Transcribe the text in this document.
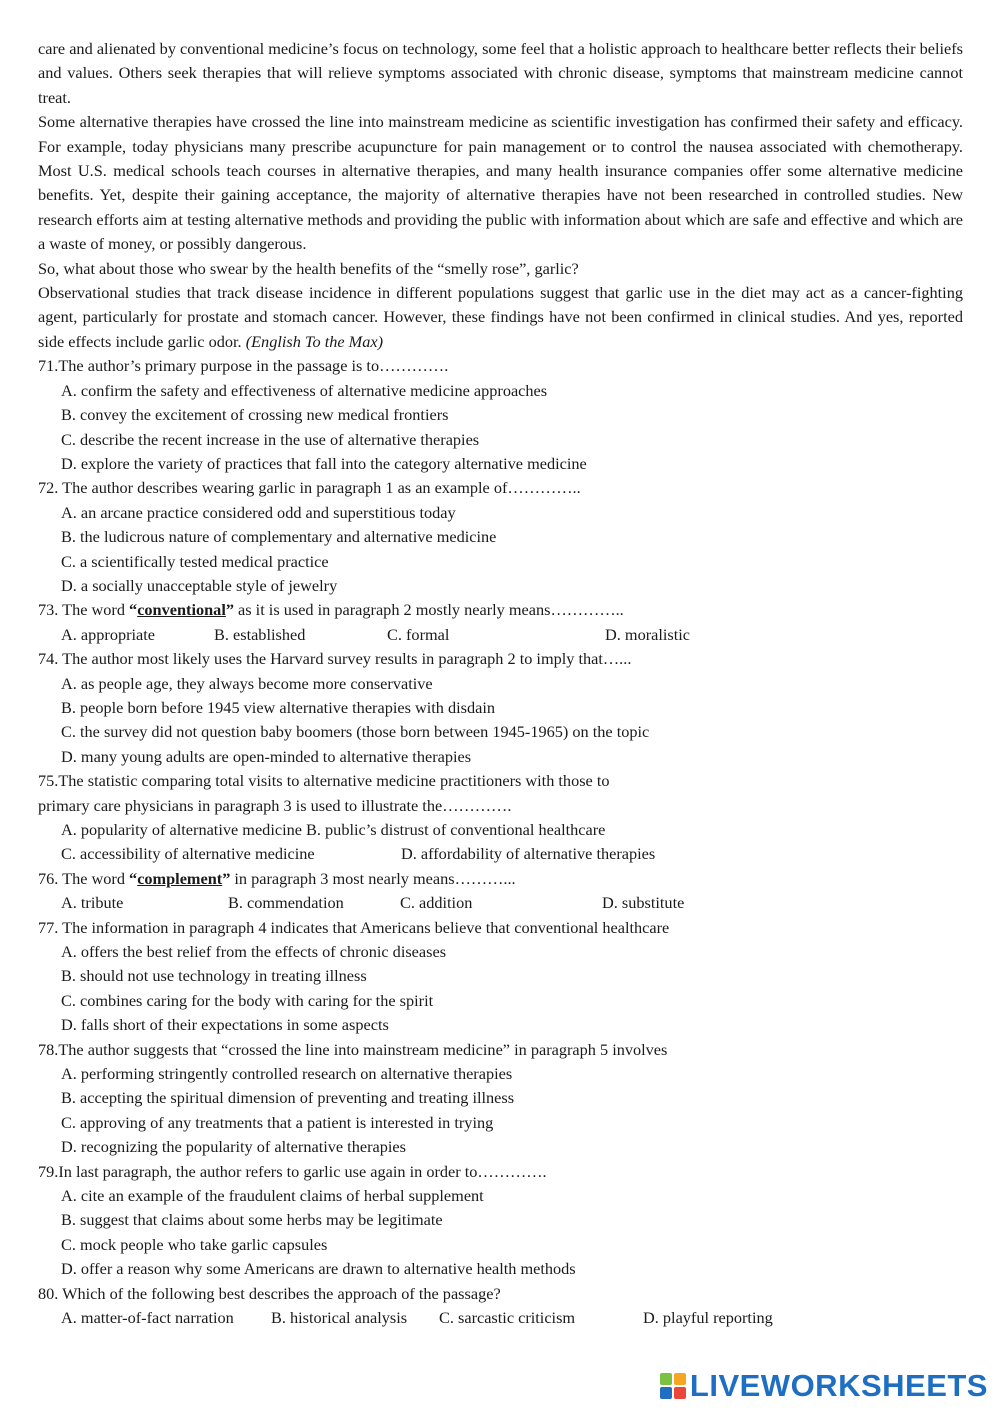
care and alienated by conventional medicine’s focus on technology, some feel that a holistic approach to healthcare better reflects their beliefs and values. Others seek therapies that will relieve symptoms associated with chronic disease, symptoms that mainstream medicine cannot treat.

Some alternative therapies have crossed the line into mainstream medicine as scientific investigation has confirmed their safety and efficacy. For example, today physicians many prescribe acupuncture for pain management or to control the nausea associated with chemotherapy. Most U.S. medical schools teach courses in alternative therapies, and many health insurance companies offer some alternative medicine benefits. Yet, despite their gaining acceptance, the majority of alternative therapies have not been researched in controlled studies. New research efforts aim at testing alternative methods and providing the public with information about which are safe and effective and which are a waste of money, or possibly dangerous.

So, what about those who swear by the health benefits of the “smelly rose”, garlic?

Observational studies that track disease incidence in different populations suggest that garlic use in the diet may act as a cancer-fighting agent, particularly for prostate and stomach cancer. However, these findings have not been confirmed in clinical studies. And yes, reported side effects include garlic odor. (English To the Max)

71.The author’s primary purpose in the passage is to………….

A. confirm the safety and effectiveness of alternative medicine approaches

B. convey the excitement of crossing new medical frontiers

C. describe the recent increase in the use of alternative therapies

D. explore the variety of practices that fall into the category alternative medicine

72. The author describes wearing garlic in paragraph 1 as an example of…………..

A. an arcane practice considered odd and superstitious today

B. the ludicrous nature of complementary and alternative medicine

C. a scientifically tested medical practice

D. a socially unacceptable style of jewelry

73. The word “conventional” as it is used in paragraph 2 mostly nearly means…………..

A. appropriate	B. established	C. formal	D. moralistic

74. The author most likely uses the Harvard survey results in paragraph 2 to imply that…...

A. as people age, they always become more conservative

B. people born before 1945 view alternative therapies with disdain

C. the survey did not question baby boomers (those born between 1945-1965) on the topic

D. many young adults are open-minded to alternative therapies

75.The statistic comparing total visits to alternative medicine practitioners with those to

primary care physicians in paragraph 3 is used to illustrate the………….

A. popularity of alternative medicine B. public’s distrust of conventional healthcare

C. accessibility of alternative medicine	D. affordability of alternative therapies

76. The word “complement” in paragraph 3 most nearly means………...

A. tribute	B. commendation	C. addition	D. substitute

77. The information in paragraph 4 indicates that Americans believe that conventional healthcare

A. offers the best relief from the effects of chronic diseases

B. should not use technology in treating illness

C. combines caring for the body with caring for the spirit

D. falls short of their expectations in some aspects

78.The author suggests that “crossed the line into mainstream medicine” in paragraph 5 involves

A. performing stringently controlled research on alternative therapies

B. accepting the spiritual dimension of preventing and treating illness

C. approving of any treatments that a patient is interested in trying

D. recognizing the popularity of alternative therapies

79.In last paragraph, the author refers to garlic use again in order to………….

A. cite an example of the fraudulent claims of herbal supplement

B. suggest that claims about some herbs may be legitimate

C. mock people who take garlic capsules

D. offer a reason why some Americans are drawn to alternative health methods

80. Which of the following best describes the approach of the passage?

A. matter-of-fact narration B. historical analysis C. sarcastic criticism	D. playful reporting
LIVEWORKSHEETS
